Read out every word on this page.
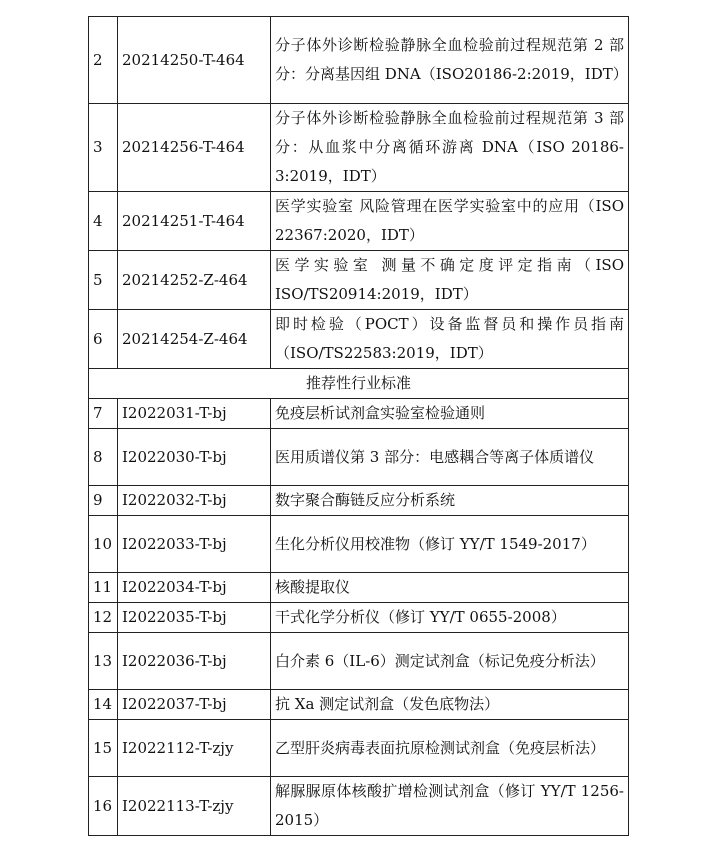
2	20214250-T-464	分子体外诊断检验静脉全血检验前过程规范第 2 部分：分离基因组 DNA（ISO20186-2:2019，IDT）
3	20214256-T-464	分子体外诊断检验静脉全血检验前过程规范第 3 部分：从血浆中分离循环游离 DNA（ISO 20186-3:2019，IDT）
4	20214251-T-464	医学实验室 风险管理在医学实验室中的应用（ISO 22367:2020，IDT）
5	20214252-Z-464	医学实验室 测量不确定度评定指南（ISO ISO/TS20914:2019，IDT）
6	20214254-Z-464	即时检验（POCT）设备监督员和操作员指南（ISO/TS22583:2019，IDT）
推荐性行业标准		
7	I2022031-T-bj	免疫层析试剂盒实验室检验通则
8	I2022030-T-bj	医用质谱仪第 3 部分：电感耦合等离子体质谱仪
9	I2022032-T-bj	数字聚合酶链反应分析系统
10	I2022033-T-bj	生化分析仪用校准物（修订 YY/T 1549-2017）
11	I2022034-T-bj	核酸提取仪
12	I2022035-T-bj	干式化学分析仪（修订 YY/T 0655-2008）
13	I2022036-T-bj	白介素 6（IL-6）测定试剂盒（标记免疫分析法）
14	I2022037-T-bj	抗 Xa 测定试剂盒（发色底物法）
15	I2022112-T-zjy	乙型肝炎病毒表面抗原检测试剂盒（免疫层析法）
16	I2022113-T-zjy	解脲脲原体核酸扩增检测试剂盒（修订 YY/T 1256-2015）
